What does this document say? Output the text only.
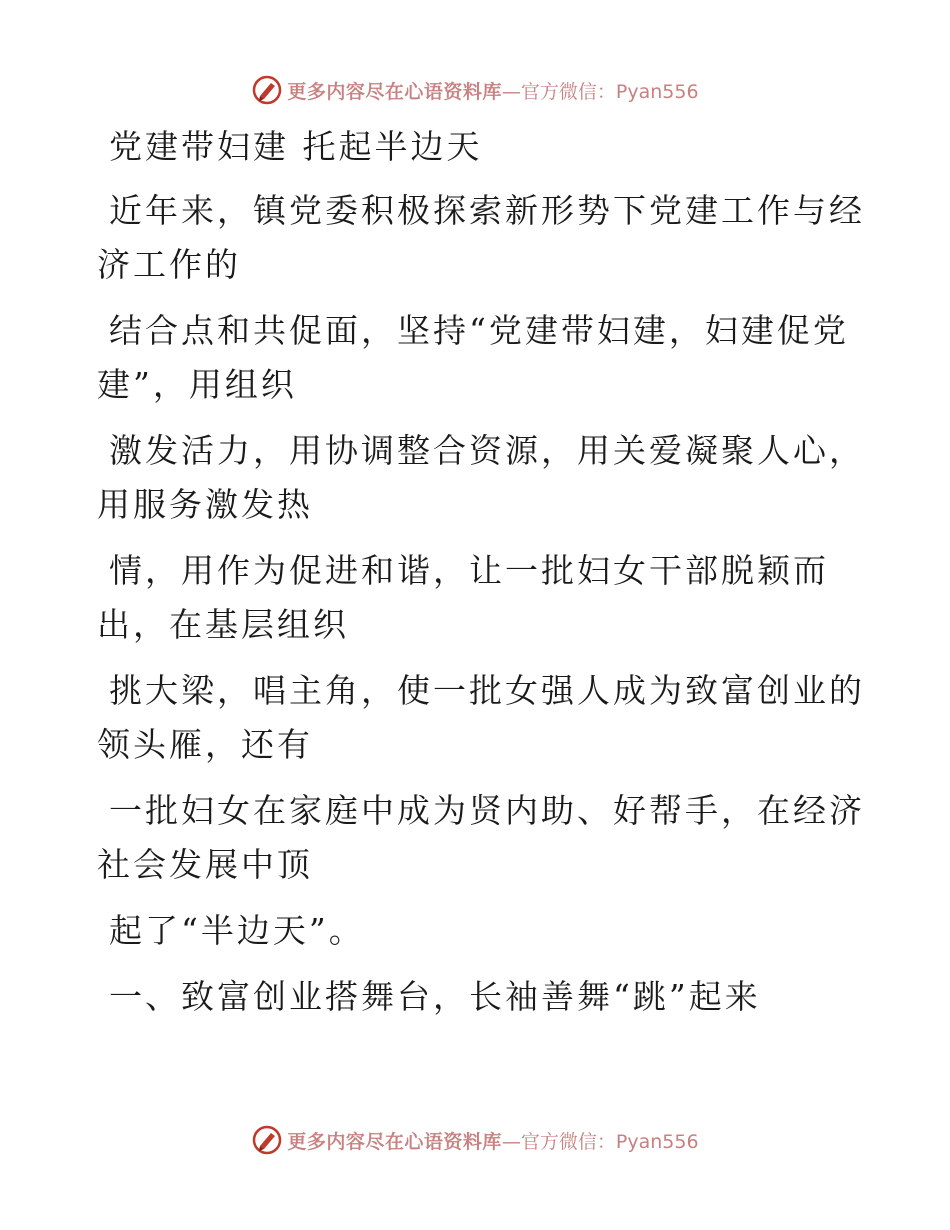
更多内容尽在心语资料库 —官方微信：Pyan556
党建带妇建 托起半边天
近年来，镇党委积极探索新形势下党建工作与经
济工作的
结合点和共促面，坚持“党建带妇建，妇建促党
建”，用组织
激发活力，用协调整合资源，用关爱凝聚人心，
用服务激发热
情，用作为促进和谐，让一批妇女干部脱颖而
出，在基层组织
挑大梁，唱主角，使一批女强人成为致富创业的
领头雁，还有
一批妇女在家庭中成为贤内助、好帮手，在经济
社会发展中顶
起了“半边天”。
一、致富创业搭舞台，长袖善舞“跳”起来
更多内容尽在心语资料库 —官方微信：Pyan556
